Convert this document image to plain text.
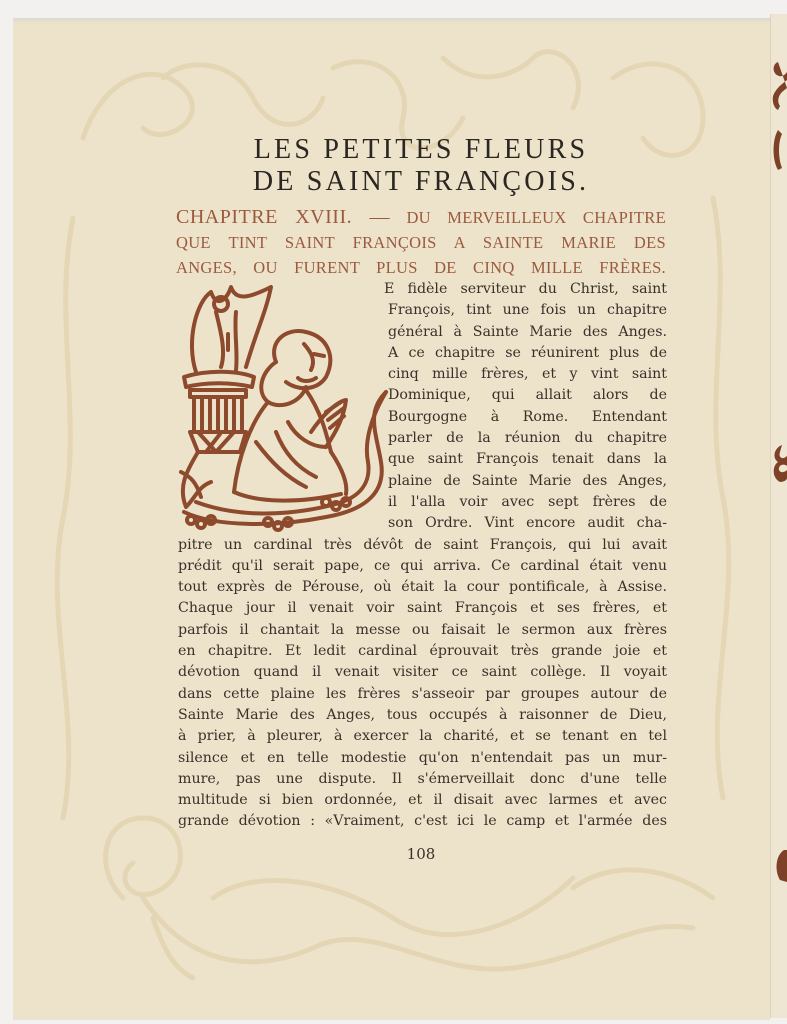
LES PETITES FLEURS
DE SAINT FRANÇOIS.
CHAPITRE XVIII. — DU MERVEILLEUX CHAPITRE
QUE TINT SAINT FRANÇOIS A SAINTE MARIE DES
ANGES, OU FURENT PLUS DE CINQ MILLE FRÈRES.
E fidèle serviteur du Christ, saint
François, tint une fois un chapitre
général à Sainte Marie des Anges.
A ce chapitre se réunirent plus de
cinq mille frères, et y vint saint
Dominique, qui allait alors de
Bourgogne à Rome. Entendant
parler de la réunion du chapitre
que saint François tenait dans la
plaine de Sainte Marie des Anges,
il l'alla voir avec sept frères de
son Ordre. Vint encore audit cha-
pitre un cardinal très dévôt de saint François, qui lui avait
prédit qu'il serait pape, ce qui arriva. Ce cardinal était venu
tout exprès de Pérouse, où était la cour pontificale, à Assise.
Chaque jour il venait voir saint François et ses frères, et
parfois il chantait la messe ou faisait le sermon aux frères
en chapitre. Et ledit cardinal éprouvait très grande joie et
dévotion quand il venait visiter ce saint collège. Il voyait
dans cette plaine les frères s'asseoir par groupes autour de
Sainte Marie des Anges, tous occupés à raisonner de Dieu,
à prier, à pleurer, à exercer la charité, et se tenant en tel
silence et en telle modestie qu'on n'entendait pas un mur-
mure, pas une dispute. Il s'émerveillait donc d'une telle
multitude si bien ordonnée, et il disait avec larmes et avec
grande dévotion : «Vraiment, c'est ici le camp et l'armée des
108
